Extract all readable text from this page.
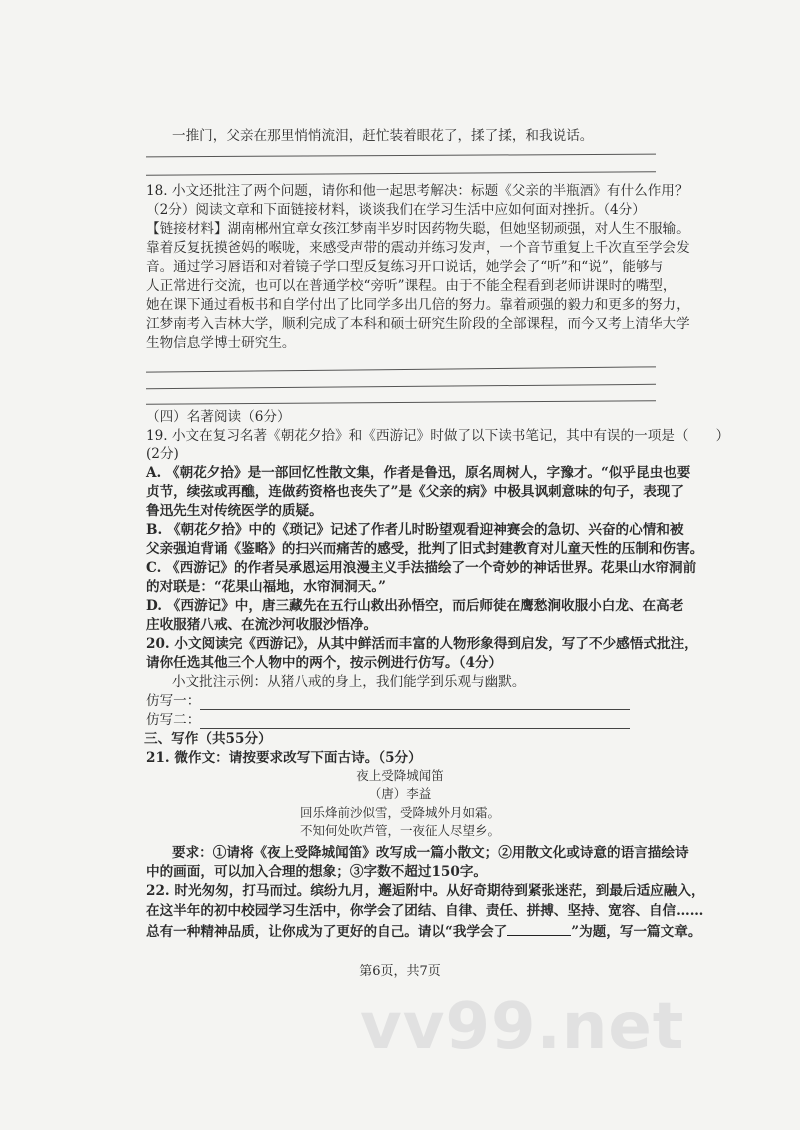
一推门，父亲在那里悄悄流泪，赶忙装着眼花了，揉了揉，和我说话。
18. 小文还批注了两个问题，请你和他一起思考解决：标题《父亲的半瓶酒》有什么作用？
（2分）阅读文章和下面链接材料，谈谈我们在学习生活中应如何面对挫折。（4分）
【链接材料】湖南郴州宜章女孩江梦南半岁时因药物失聪，但她坚韧顽强，对人生不服输。
靠着反复抚摸爸妈的喉咙，来感受声带的震动并练习发声，一个音节重复上千次直至学会发
音。通过学习唇语和对着镜子学口型反复练习开口说话，她学会了“听”和“说”，能够与
人正常进行交流，也可以在普通学校“旁听”课程。由于不能全程看到老师讲课时的嘴型，
她在课下通过看板书和自学付出了比同学多出几倍的努力。靠着顽强的毅力和更多的努力，
江梦南考入吉林大学，顺利完成了本科和硕士研究生阶段的全部课程，而今又考上清华大学
生物信息学博士研究生。
（四）名著阅读（6分）
19. 小文在复习名著《朝花夕拾》和《西游记》时做了以下读书笔记，其中有误的一项是（　　）
(2分)
A. 《朝花夕拾》是一部回忆性散文集，作者是鲁迅，原名周树人，字豫才。“似乎昆虫也要
贞节，续弦或再醮，连做药资格也丧失了”是《父亲的病》中极具讽刺意味的句子，表现了
鲁迅先生对传统医学的质疑。
B. 《朝花夕拾》中的《琐记》记述了作者儿时盼望观看迎神赛会的急切、兴奋的心情和被
父亲强迫背诵《鉴略》的扫兴而痛苦的感受，批判了旧式封建教育对儿童天性的压制和伤害。
C. 《西游记》的作者吴承恩运用浪漫主义手法描绘了一个奇妙的神话世界。花果山水帘洞前
的对联是：“花果山福地，水帘洞洞天。”
D. 《西游记》中，唐三藏先在五行山救出孙悟空，而后师徒在鹰愁涧收服小白龙、在高老
庄收服猪八戒、在流沙河收服沙悟净。
20. 小文阅读完《西游记》，从其中鲜活而丰富的人物形象得到启发，写了不少感悟式批注，
请你任选其他三个人物中的两个，按示例进行仿写。（4分）
小文批注示例：从猪八戒的身上，我们能学到乐观与幽默。
仿写一：
仿写二：
三、写作（共55分）
21. 微作文：请按要求改写下面古诗。（5分）
夜上受降城闻笛
（唐）李益
回乐烽前沙似雪，受降城外月如霜。
不知何处吹芦管，一夜征人尽望乡。
要求：①请将《夜上受降城闻笛》改写成一篇小散文；②用散文化或诗意的语言描绘诗
中的画面，可以加入合理的想象；③字数不超过150字。
22. 时光匆匆，打马而过。缤纷九月，邂逅附中。从好奇期待到紧张迷茫，到最后适应融入，
在这半年的初中校园学习生活中，你学会了团结、自律、责任、拼搏、坚持、宽容、自信……
总有一种精神品质，让你成为了更好的自己。请以“我学会了	”为题，写一篇文章。
第6页，共7页
vv99.net
